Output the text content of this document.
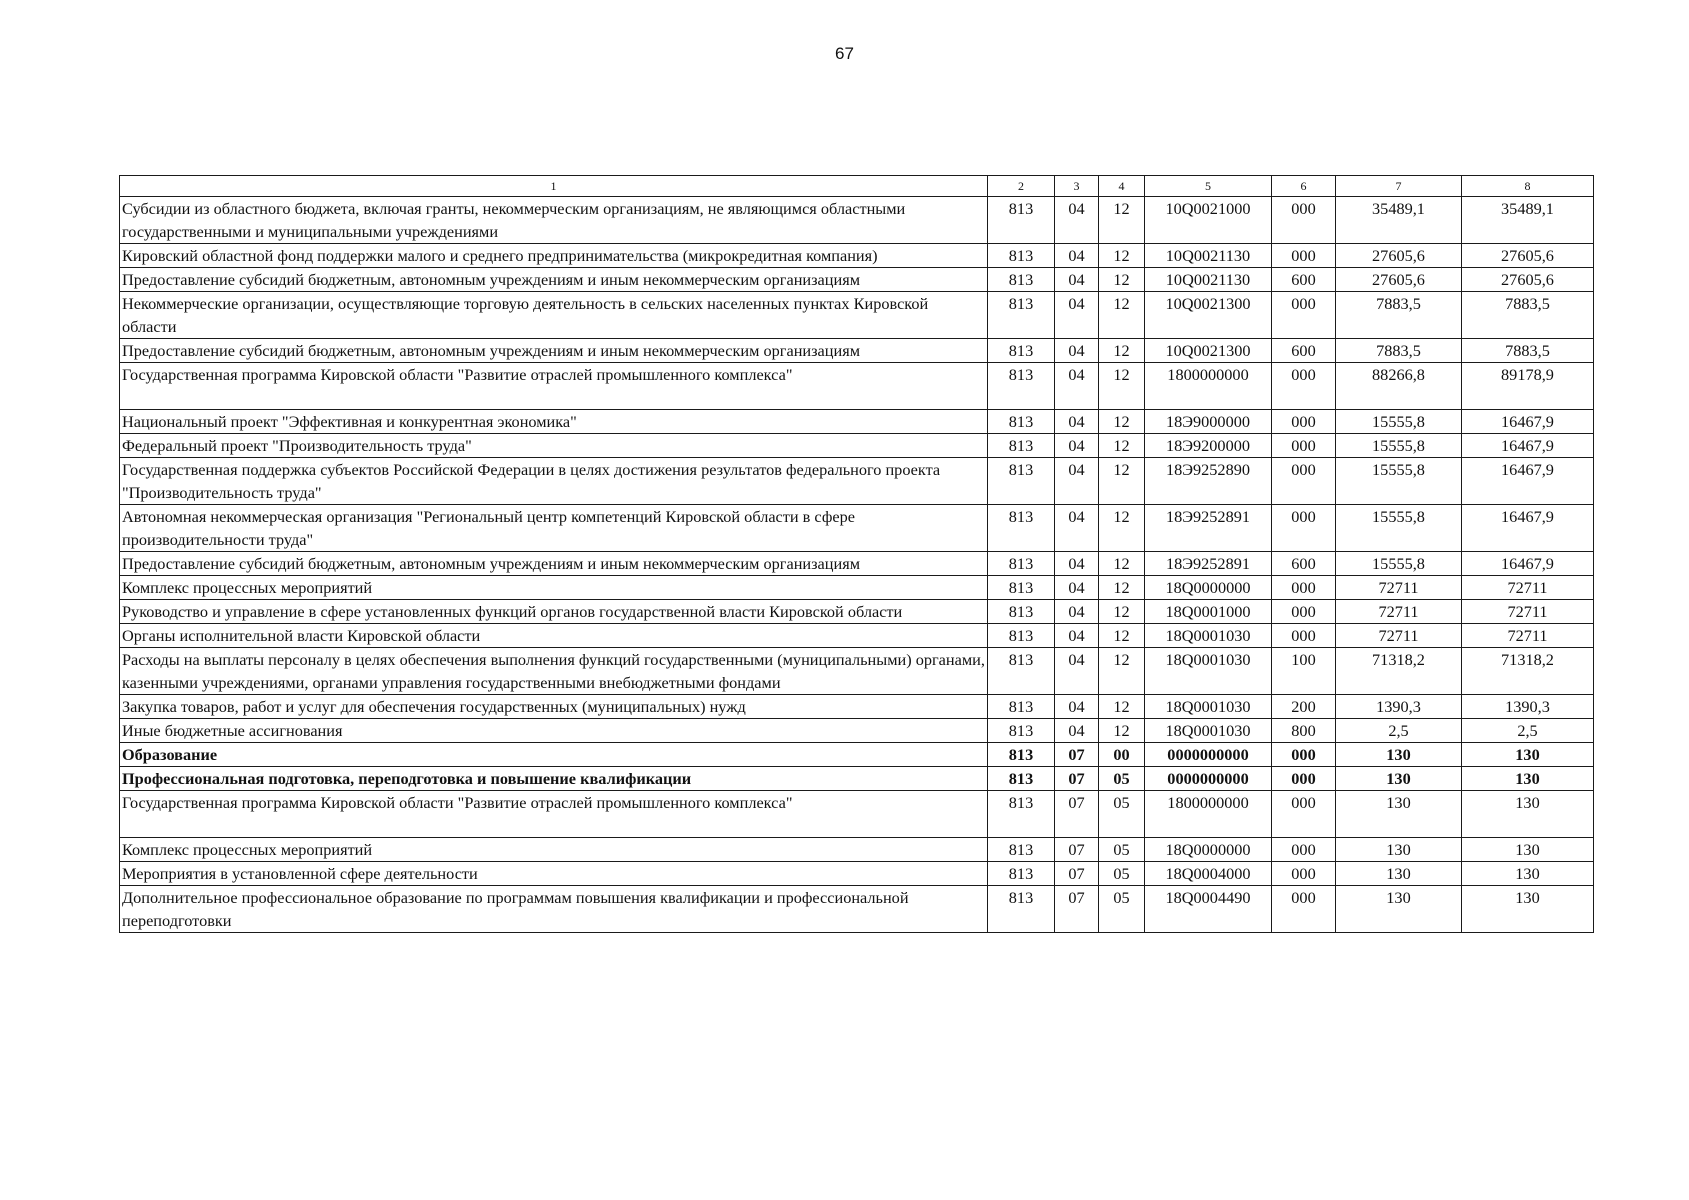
67
1	2	3	4	5	6	7	8
Субсидии из областного бюджета, включая гранты, некоммерческим организациям, не являющимся областными государственными и муниципальными учреждениями	813	04	12	10Q0021000	000	35489,1	35489,1
Кировский областной фонд поддержки малого и среднего предпринимательства (микрокредитная компания)	813	04	12	10Q0021130	000	27605,6	27605,6
Предоставление субсидий бюджетным, автономным учреждениям и иным некоммерческим организациям	813	04	12	10Q0021130	600	27605,6	27605,6
Некоммерческие организации, осуществляющие торговую деятельность в сельских населенных пунктах Кировской области	813	04	12	10Q0021300	000	7883,5	7883,5
Предоставление субсидий бюджетным, автономным учреждениям и иным некоммерческим организациям	813	04	12	10Q0021300	600	7883,5	7883,5
Государственная программа Кировской области "Развитие отраслей промышленного комплекса"	813	04	12	1800000000	000	88266,8	89178,9
Национальный проект "Эффективная и конкурентная экономика"	813	04	12	18Э9000000	000	15555,8	16467,9
Федеральный проект "Производительность труда"	813	04	12	18Э9200000	000	15555,8	16467,9
Государственная поддержка субъектов Российской Федерации в целях достижения результатов федерального проекта "Производительность труда"	813	04	12	18Э9252890	000	15555,8	16467,9
Автономная некоммерческая организация "Региональный центр компетенций Кировской области в сфере производительности труда"	813	04	12	18Э9252891	000	15555,8	16467,9
Предоставление субсидий бюджетным, автономным учреждениям и иным некоммерческим организациям	813	04	12	18Э9252891	600	15555,8	16467,9
Комплекс процессных мероприятий	813	04	12	18Q0000000	000	72711	72711
Руководство и управление в сфере установленных функций органов государственной власти Кировской области	813	04	12	18Q0001000	000	72711	72711
Органы исполнительной власти Кировской области	813	04	12	18Q0001030	000	72711	72711
Расходы на выплаты персоналу в целях обеспечения выполнения функций государственными (муниципальными) органами, казенными учреждениями, органами управления государственными внебюджетными фондами	813	04	12	18Q0001030	100	71318,2	71318,2
Закупка товаров, работ и услуг для обеспечения государственных (муниципальных) нужд	813	04	12	18Q0001030	200	1390,3	1390,3
Иные бюджетные ассигнования	813	04	12	18Q0001030	800	2,5	2,5
Образование	813	07	00	0000000000	000	130	130
Профессиональная подготовка, переподготовка и повышение квалификации	813	07	05	0000000000	000	130	130
Государственная программа Кировской области "Развитие отраслей промышленного комплекса"	813	07	05	1800000000	000	130	130
Комплекс процессных мероприятий	813	07	05	18Q0000000	000	130	130
Мероприятия в установленной сфере деятельности	813	07	05	18Q0004000	000	130	130
Дополнительное профессиональное образование по программам повышения квалификации и профессиональной переподготовки	813	07	05	18Q0004490	000	130	130
